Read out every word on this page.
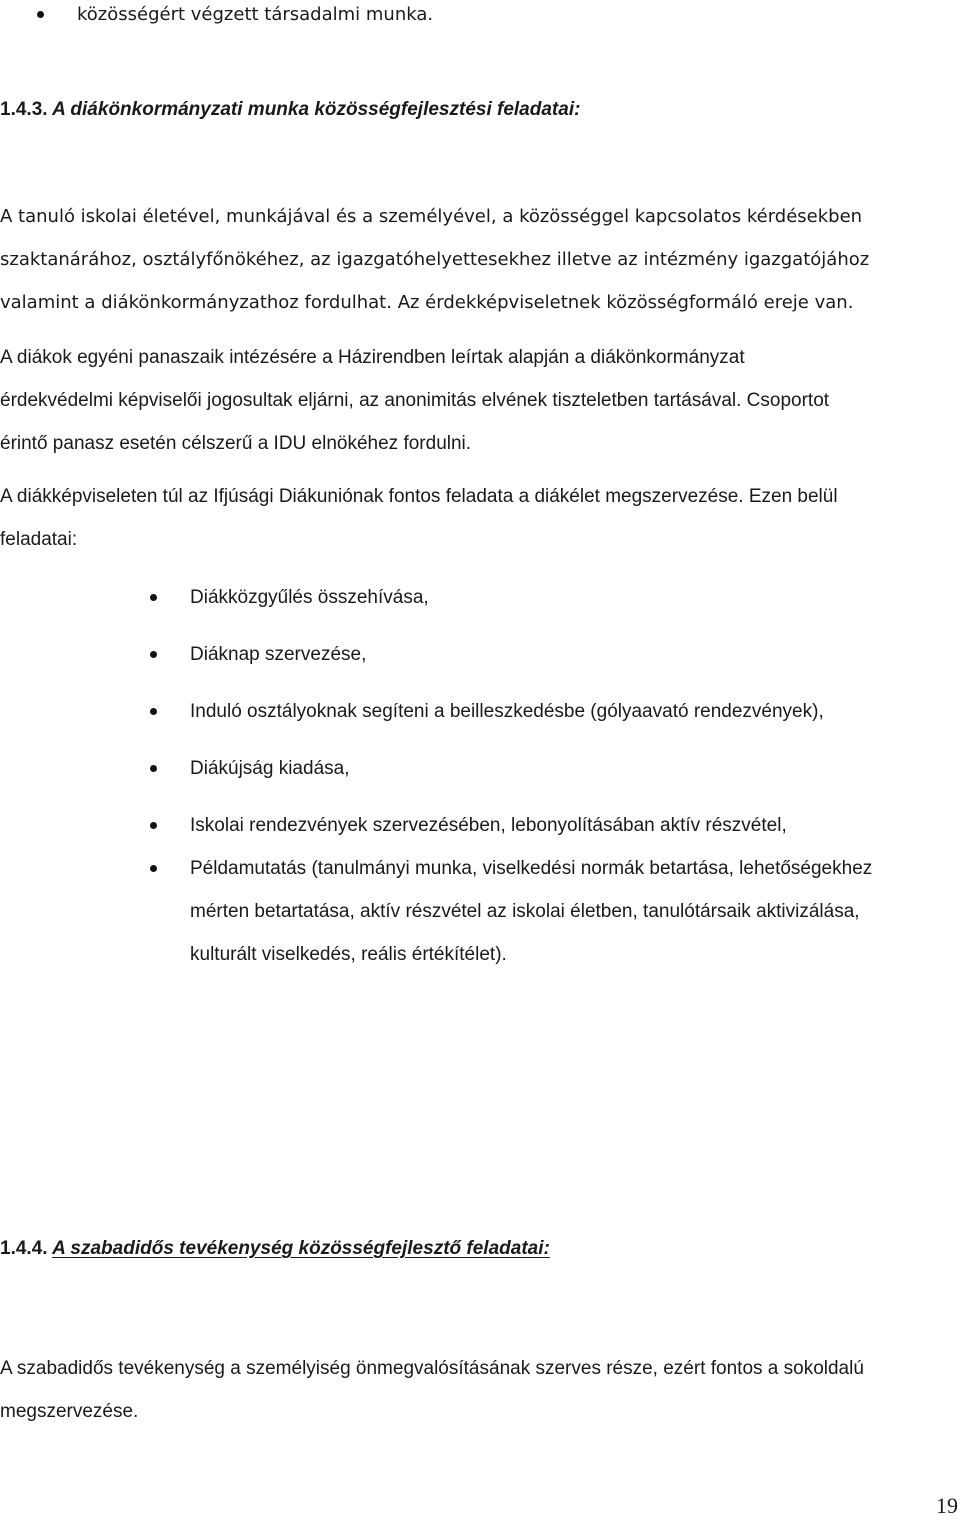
közösségért végzett társadalmi munka.
1.4.3. A diákönkormányzati munka közösségfejlesztési feladatai:
A tanuló iskolai életével, munkájával és a személyével, a közösséggel kapcsolatos kérdésekben
szaktanárához, osztályfőnökéhez, az igazgatóhelyettesekhez illetve az intézmény igazgatójához
valamint a diákönkormányzathoz fordulhat. Az érdekképviseletnek közösségformáló ereje van.
A diákok egyéni panaszaik intézésére a Házirendben leírtak alapján a diákönkormányzat
érdekvédelmi képviselői jogosultak eljárni, az anonimitás elvének tiszteletben tartásával. Csoportot
érintő panasz esetén célszerű a IDU elnökéhez fordulni.
A diákképviseleten túl az Ifjúsági Diákuniónak fontos feladata a diákélet megszervezése. Ezen belül
feladatai:
Diákközgyűlés összehívása,
Diáknap szervezése,
Induló osztályoknak segíteni a beilleszkedésbe (gólyaavató rendezvények),
Diákújság kiadása,
Iskolai rendezvények szervezésében, lebonyolításában aktív részvétel,
Példamutatás (tanulmányi munka, viselkedési normák betartása, lehetőségekhez
mérten betartatása, aktív részvétel az iskolai életben, tanulótársaik aktivizálása,
kulturált viselkedés, reális értékítélet).
1.4.4. A szabadidős tevékenység közösségfejlesztő feladatai:
A szabadidős tevékenység a személyiség önmegvalósításának szerves része, ezért fontos a sokoldalú
megszervezése.
19
